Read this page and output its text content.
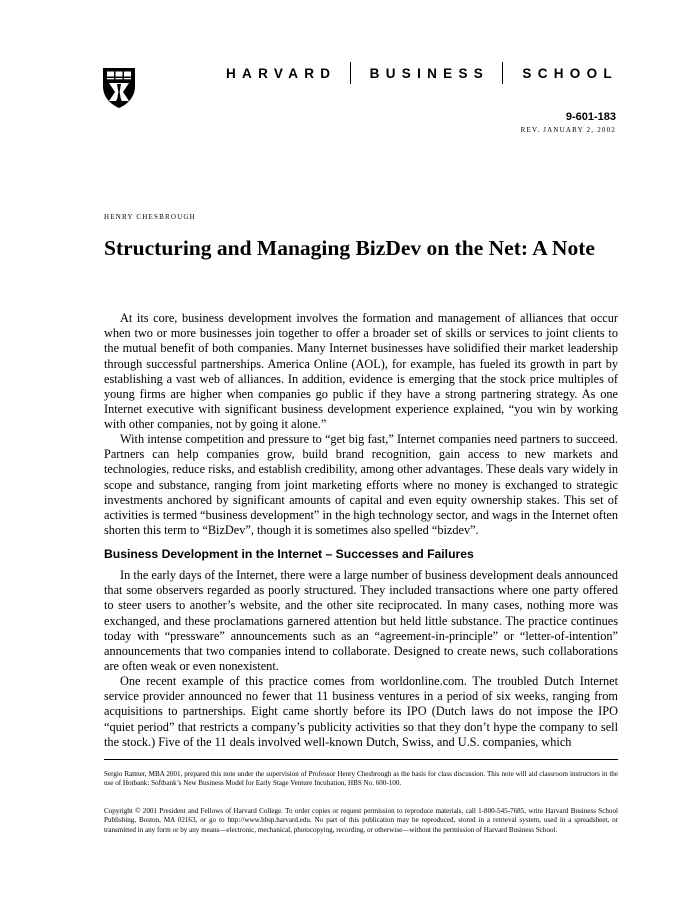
HARVARD BUSINESS SCHOOL
9-601-183
REV. JANUARY 2, 2002
HENRY CHESBROUGH
Structuring and Managing BizDev on the Net: A Note

At its core, business development involves the formation and management of alliances that occur when two or more businesses join together to offer a broader set of skills or services to joint clients to the mutual benefit of both companies. Many Internet businesses have solidified their market leadership through successful partnerships. America Online (AOL), for example, has fueled its growth in part by establishing a vast web of alliances. In addition, evidence is emerging that the stock price multiples of young firms are higher when companies go public if they have a strong partnering strategy. As one Internet executive with significant business development experience explained, “you win by working with other companies, not by going it alone.”

With intense competition and pressure to “get big fast,” Internet companies need partners to succeed. Partners can help companies grow, build brand recognition, gain access to new markets and technologies, reduce risks, and establish credibility, among other advantages. These deals vary widely in scope and substance, ranging from joint marketing efforts where no money is exchanged to strategic investments anchored by significant amounts of capital and even equity ownership stakes. This set of activities is termed “business development” in the high technology sector, and wags in the Internet often shorten this term to “BizDev”, though it is sometimes also spelled “bizdev”.

Business Development in the Internet – Successes and Failures

In the early days of the Internet, there were a large number of business development deals announced that some observers regarded as poorly structured. They included transactions where one party offered to steer users to another’s website, and the other site reciprocated. In many cases, nothing more was exchanged, and these proclamations garnered attention but held little substance. The practice continues today with “pressware” announcements such as an “agreement-in-principle” or “letter-of-intention” announcements that two companies intend to collaborate. Designed to create news, such collaborations are often weak or even nonexistent.

One recent example of this practice comes from worldonline.com. The troubled Dutch Internet service provider announced no fewer that 11 business ventures in a period of six weeks, ranging from acquisitions to partnerships. Eight came shortly before its IPO (Dutch laws do not impose the IPO “quiet period” that restricts a company’s publicity activities so that they don’t hype the company to sell the stock.) Five of the 11 deals involved well-known Dutch, Swiss, and U.S. companies, which

Sergio Rattner, MBA 2001, prepared this note under the supervision of Professor Henry Chesbrough as the basis for class discussion. This note will aid classroom instructors in the use of Hotbank: Softbank’s New Business Model for Early Stage Venture Incubation, HBS No. 600-100.

Copyright © 2001 President and Fellows of Harvard College. To order copies or request permission to reproduce materials, call 1-800-545-7685, write Harvard Business School Publishing, Boston, MA 02163, or go to http://www.hbsp.harvard.edu. No part of this publication may be reproduced, stored in a retrieval system, used in a spreadsheet, or transmitted in any form or by any means—electronic, mechanical, photocopying, recording, or otherwise—without the permission of Harvard Business School.
